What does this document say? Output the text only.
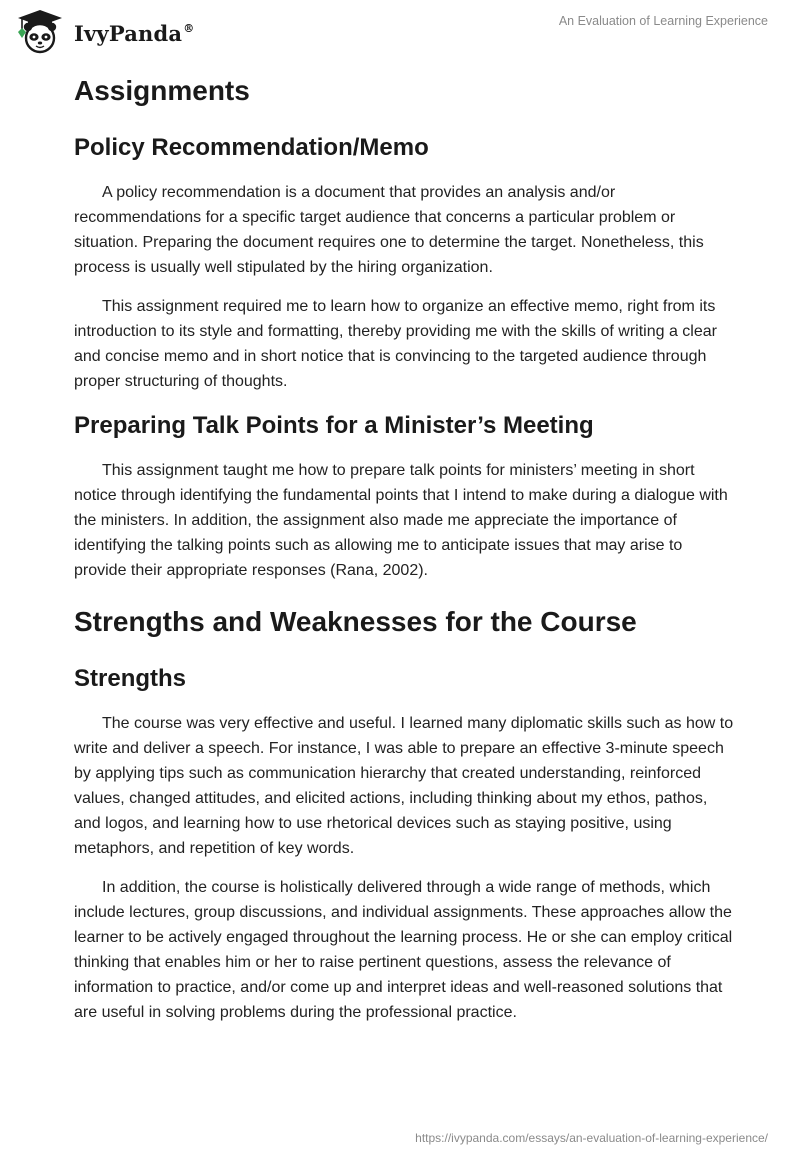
IvyPanda®	An Evaluation of Learning Experience
Assignments
Policy Recommendation/Memo

A policy recommendation is a document that provides an analysis and/or recommendations for a specific target audience that concerns a particular problem or situation. Preparing the document requires one to determine the target. Nonetheless, this process is usually well stipulated by the hiring organization.

This assignment required me to learn how to organize an effective memo, right from its introduction to its style and formatting, thereby providing me with the skills of writing a clear and concise memo and in short notice that is convincing to the targeted audience through proper structuring of thoughts.

Preparing Talk Points for a Minister’s Meeting

This assignment taught me how to prepare talk points for ministers’ meeting in short notice through identifying the fundamental points that I intend to make during a dialogue with the ministers. In addition, the assignment also made me appreciate the importance of identifying the talking points such as allowing me to anticipate issues that may arise to provide their appropriate responses (Rana, 2002).

Strengths and Weaknesses for the Course
Strengths

The course was very effective and useful. I learned many diplomatic skills such as how to write and deliver a speech. For instance, I was able to prepare an effective 3-minute speech by applying tips such as communication hierarchy that created understanding, reinforced values, changed attitudes, and elicited actions, including thinking about my ethos, pathos, and logos, and learning how to use rhetorical devices such as staying positive, using metaphors, and repetition of key words.

In addition, the course is holistically delivered through a wide range of methods, which include lectures, group discussions, and individual assignments. These approaches allow the learner to be actively engaged throughout the learning process. He or she can employ critical thinking that enables him or her to raise pertinent questions, assess the relevance of information to practice, and/or come up and interpret ideas and well-reasoned solutions that are useful in solving problems during the professional practice.

https://ivypanda.com/essays/an-evaluation-of-learning-experience/
